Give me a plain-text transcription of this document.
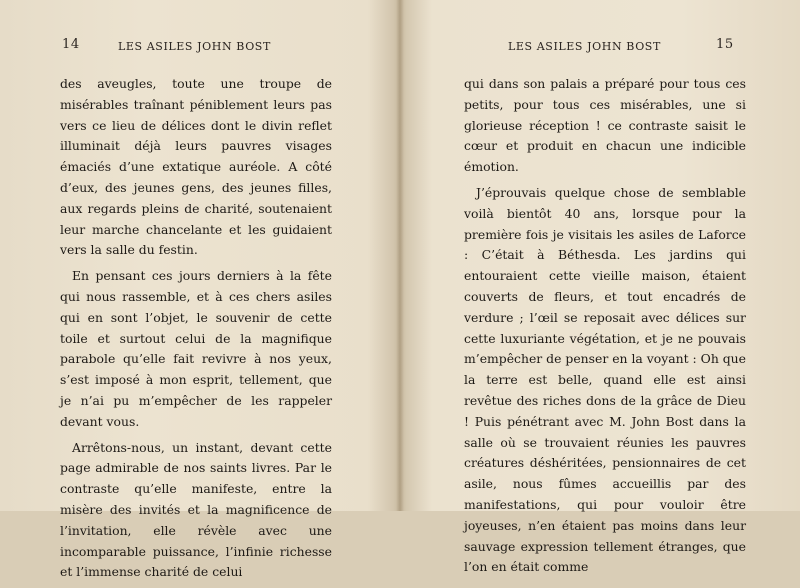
14	LES ASILES JOHN BOST

des aveugles, toute une troupe de misérables traînant péniblement leurs pas vers ce lieu de délices dont le divin reflet illuminait déjà leurs pauvres visages émaciés d’une extatique auréole. A côté d’eux, des jeunes gens, des jeunes filles, aux regards pleins de charité, soutenaient leur marche chancelante et les guidaient vers la salle du festin.

En pensant ces jours derniers à la fête qui nous rassemble, et à ces chers asiles qui en sont l’objet, le souvenir de cette toile et surtout celui de la magnifique parabole qu’elle fait revivre à nos yeux, s’est imposé à mon esprit, tellement, que je n’ai pu m’empêcher de les rappeler devant vous.

Arrêtons-nous, un instant, devant cette page admirable de nos saints livres. Par le contraste qu’elle manifeste, entre la misère des invités et la magnificence de l’invitation, elle révèle avec une incomparable puissance, l’infinie richesse et l’immense charité de celui

LES ASILES JOHN BOST	15

qui dans son palais a préparé pour tous ces petits, pour tous ces misérables, une si glorieuse réception ! ce contraste saisit le cœur et produit en chacun une indicible émotion.

J’éprouvais quelque chose de semblable voilà bientôt 40 ans, lorsque pour la première fois je visitais les asiles de Laforce : C’était à Béthesda. Les jardins qui entouraient cette vieille maison, étaient couverts de fleurs, et tout encadrés de verdure ; l’œil se reposait avec délices sur cette luxuriante végétation, et je ne pouvais m’empêcher de penser en la voyant : Oh que la terre est belle, quand elle est ainsi revêtue des riches dons de la grâce de Dieu ! Puis pénétrant avec M. John Bost dans la salle où se trouvaient réunies les pauvres créatures déshéritées, pensionnaires de cet asile, nous fûmes accueillis par des manifestations, qui pour vouloir être joyeuses, n’en étaient pas moins dans leur sauvage expression tellement étranges, que l’on en était comme
